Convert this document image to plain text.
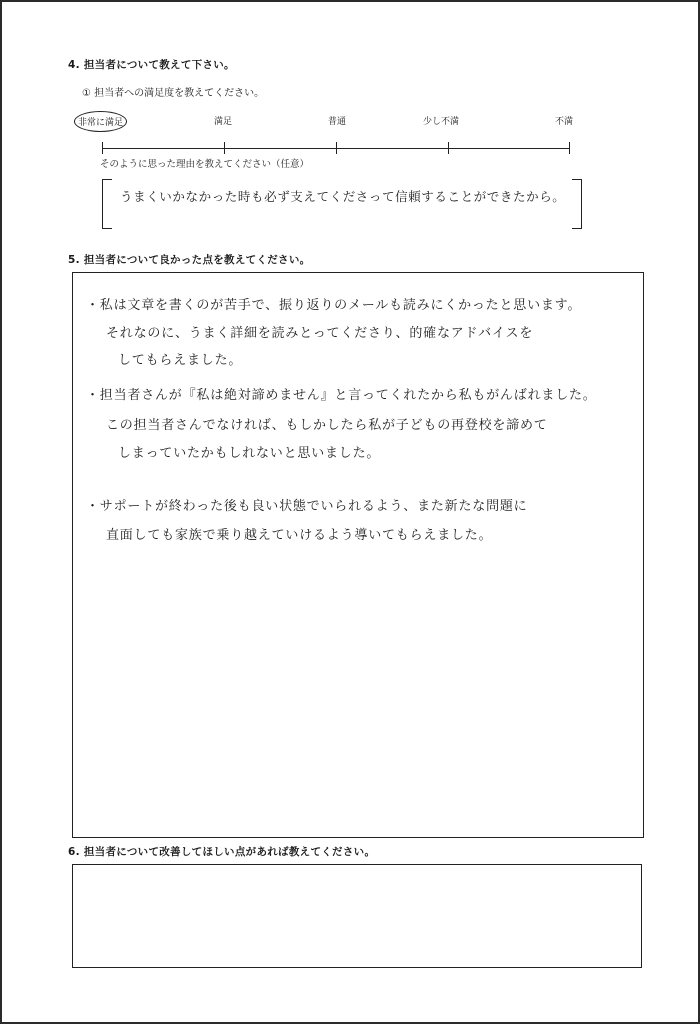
4. 担当者について教えて下さい。
① 担当者への満足度を教えてください。
非常に満足	満足	普通	少し不満	不満
そのように思った理由を教えてください（任意）
うまくいかなかった時も必ず支えてくださって信頼することができたから。
5. 担当者について良かった点を教えてください。
・私は文章を書くのが苦手で、振り返りのメールも読みにくかったと思います。
それなのに、うまく詳細を読みとってくださり、的確なアドバイスを
してもらえました。
・担当者さんが『私は絶対諦めません』と言ってくれたから私もがんばれました。
この担当者さんでなければ、もしかしたら私が子どもの再登校を諦めて
しまっていたかもしれないと思いました。
・サポートが終わった後も良い状態でいられるよう、また新たな問題に
直面しても家族で乗り越えていけるよう導いてもらえました。
6. 担当者について改善してほしい点があれば教えてください。
